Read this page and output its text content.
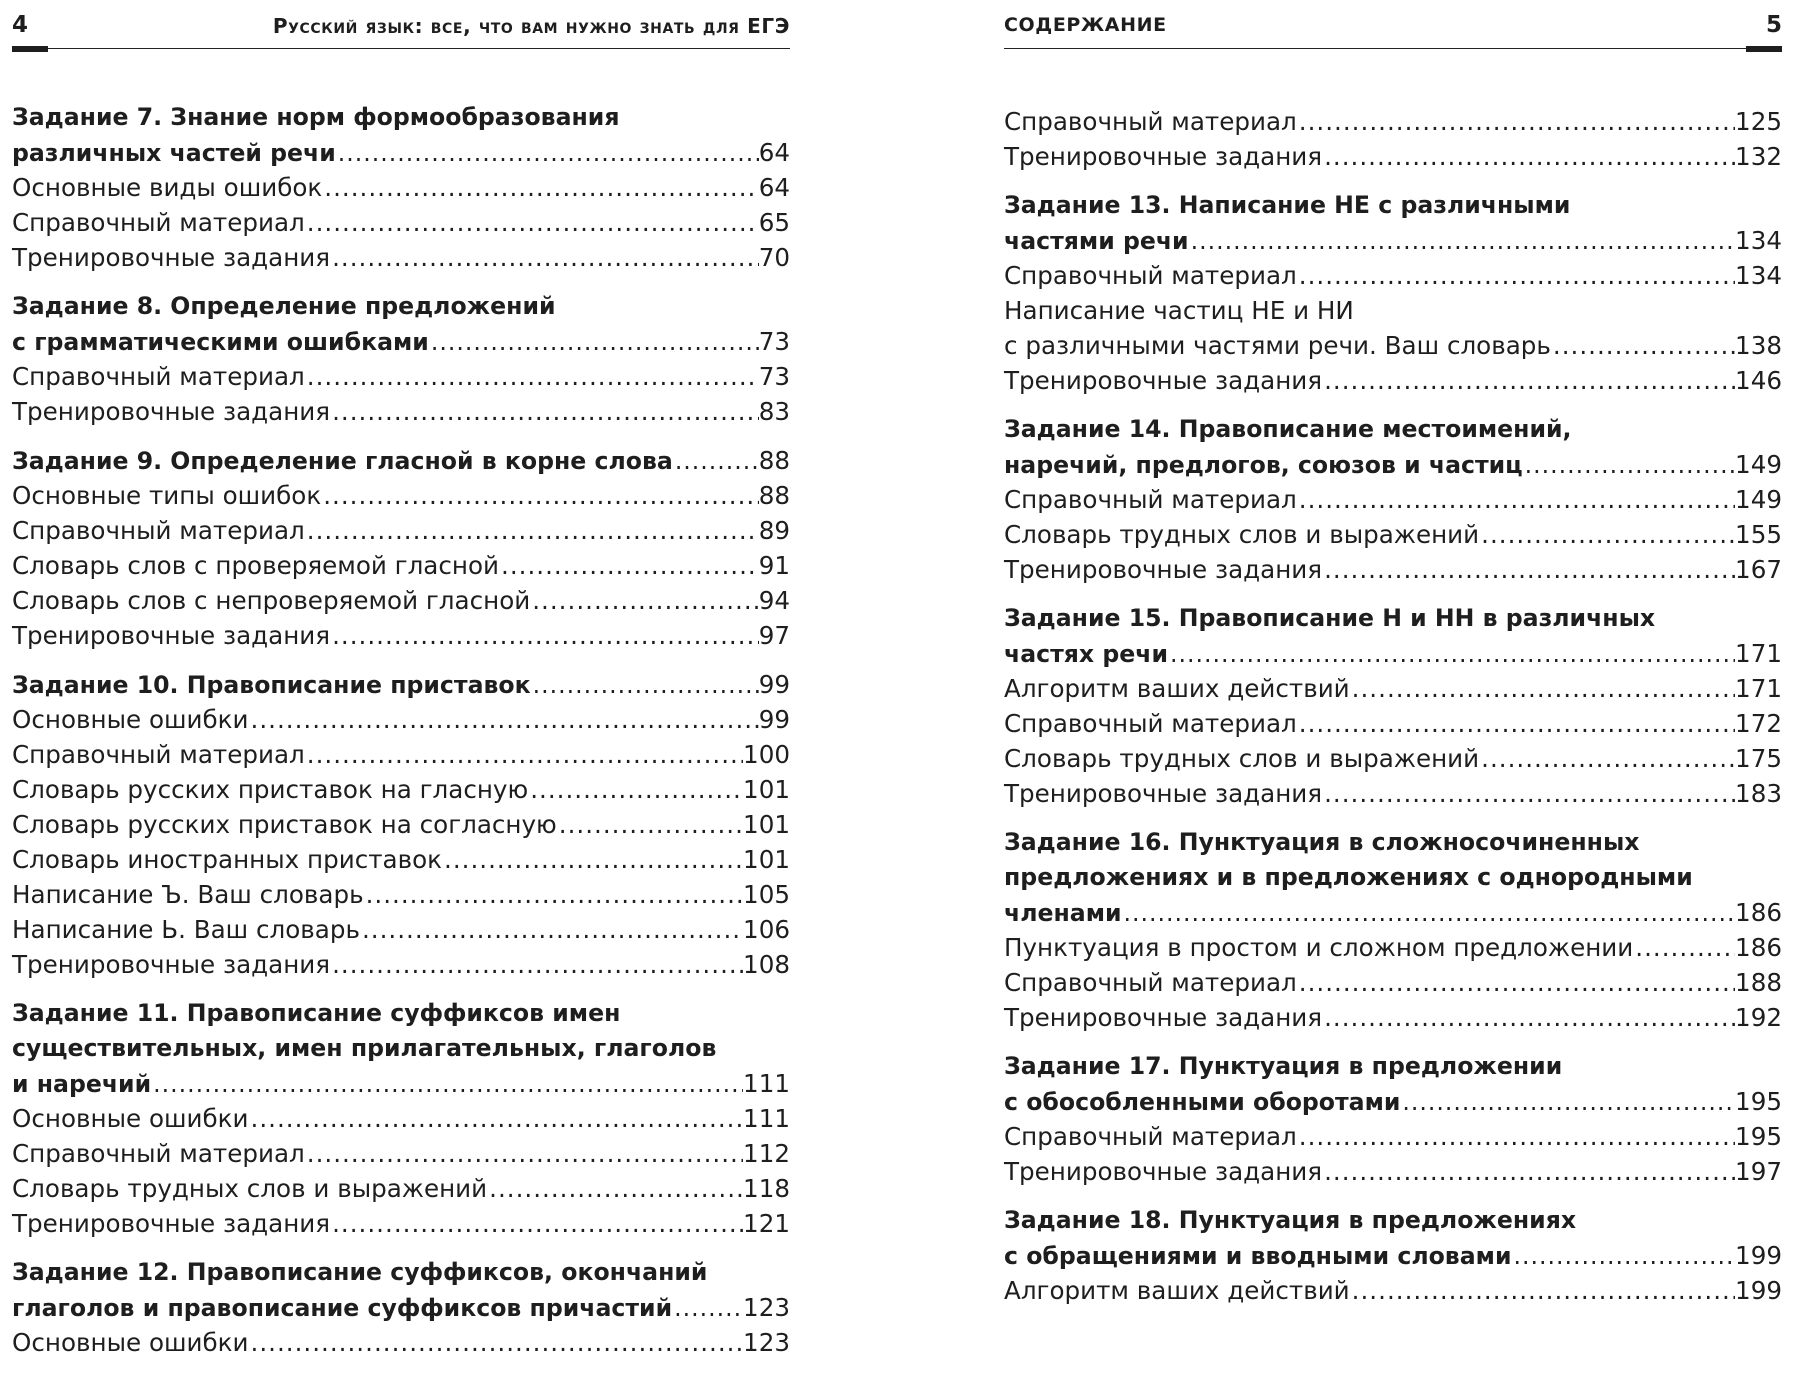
4	Русский язык: все, что вам нужно знать для ЕГЭ
Задание 7. Знание норм формообразования
различных частей речи .....	64
Основные виды ошибок .....	64
Справочный материал .....	65
Тренировочные задания .....	70
Задание 8. Определение предложений
с грамматическими ошибками .....	73
Справочный материал .....	73
Тренировочные задания .....	83
Задание 9. Определение гласной в корне слова .....	88
Основные типы ошибок .....	88
Справочный материал .....	89
Словарь слов с проверяемой гласной .....	91
Словарь слов с непроверяемой гласной .....	94
Тренировочные задания .....	97
Задание 10. Правописание приставок .....	99
Основные ошибки .....	99
Справочный материал .....	100
Словарь русских приставок на гласную .....	101
Словарь русских приставок на согласную .....	101
Словарь иностранных приставок .....	101
Написание Ъ. Ваш словарь .....	105
Написание Ь. Ваш словарь .....	106
Тренировочные задания .....	108
Задание 11. Правописание суффиксов имен
существительных, имен прилагательных, глаголов
и наречий .....	111
Основные ошибки .....	111
Справочный материал .....	112
Словарь трудных слов и выражений .....	118
Тренировочные задания .....	121
Задание 12. Правописание суффиксов, окончаний
глаголов и правописание суффиксов причастий .....	123
Основные ошибки .....	123
СОДЕРЖАНИЕ	5
Справочный материал .....	125
Тренировочные задания .....	132
Задание 13. Написание НЕ с различными
частями речи .....	134
Справочный материал .....	134
Написание частиц НЕ и НИ
с различными частями речи. Ваш словарь .....	138
Тренировочные задания .....	146
Задание 14. Правописание местоимений,
наречий, предлогов, союзов и частиц .....	149
Справочный материал .....	149
Словарь трудных слов и выражений .....	155
Тренировочные задания .....	167
Задание 15. Правописание Н и НН в различных
частях речи .....	171
Алгоритм ваших действий .....	171
Справочный материал .....	172
Словарь трудных слов и выражений .....	175
Тренировочные задания .....	183
Задание 16. Пунктуация в сложносочиненных
предложениях и в предложениях с однородными
членами .....	186
Пунктуация в простом и сложном предложении .....	186
Справочный материал .....	188
Тренировочные задания .....	192
Задание 17. Пунктуация в предложении
с обособленными оборотами .....	195
Справочный материал .....	195
Тренировочные задания .....	197
Задание 18. Пунктуация в предложениях
с обращениями и вводными словами .....	199
Алгоритм ваших действий .....	199
